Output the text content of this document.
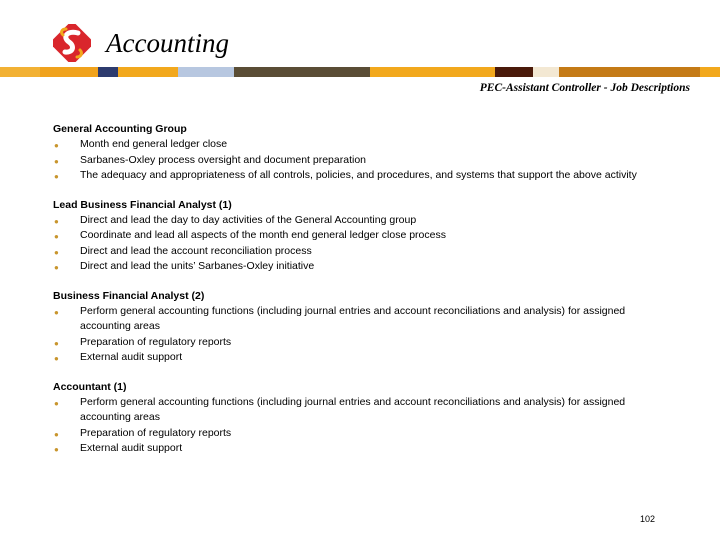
Accounting
PEC-Assistant Controller - Job Descriptions
General Accounting Group
● Month end general ledger close
● Sarbanes-Oxley process oversight and document preparation
● The adequacy and appropriateness of all controls, policies, and procedures, and systems that support the above activity
Lead Business Financial Analyst (1)
● Direct and lead the day to day activities of the General Accounting group
● Coordinate and lead all aspects of the month end general ledger close process
● Direct and lead the account reconciliation process
● Direct and lead the units’ Sarbanes-Oxley initiative
Business Financial Analyst (2)
● Perform general accounting functions (including journal entries and account reconciliations and analysis) for assigned accounting areas
● Preparation of regulatory reports
● External audit support
Accountant (1)
● Perform general accounting functions (including journal entries and account reconciliations and analysis) for assigned accounting areas
● Preparation of regulatory reports
● External audit support
102
